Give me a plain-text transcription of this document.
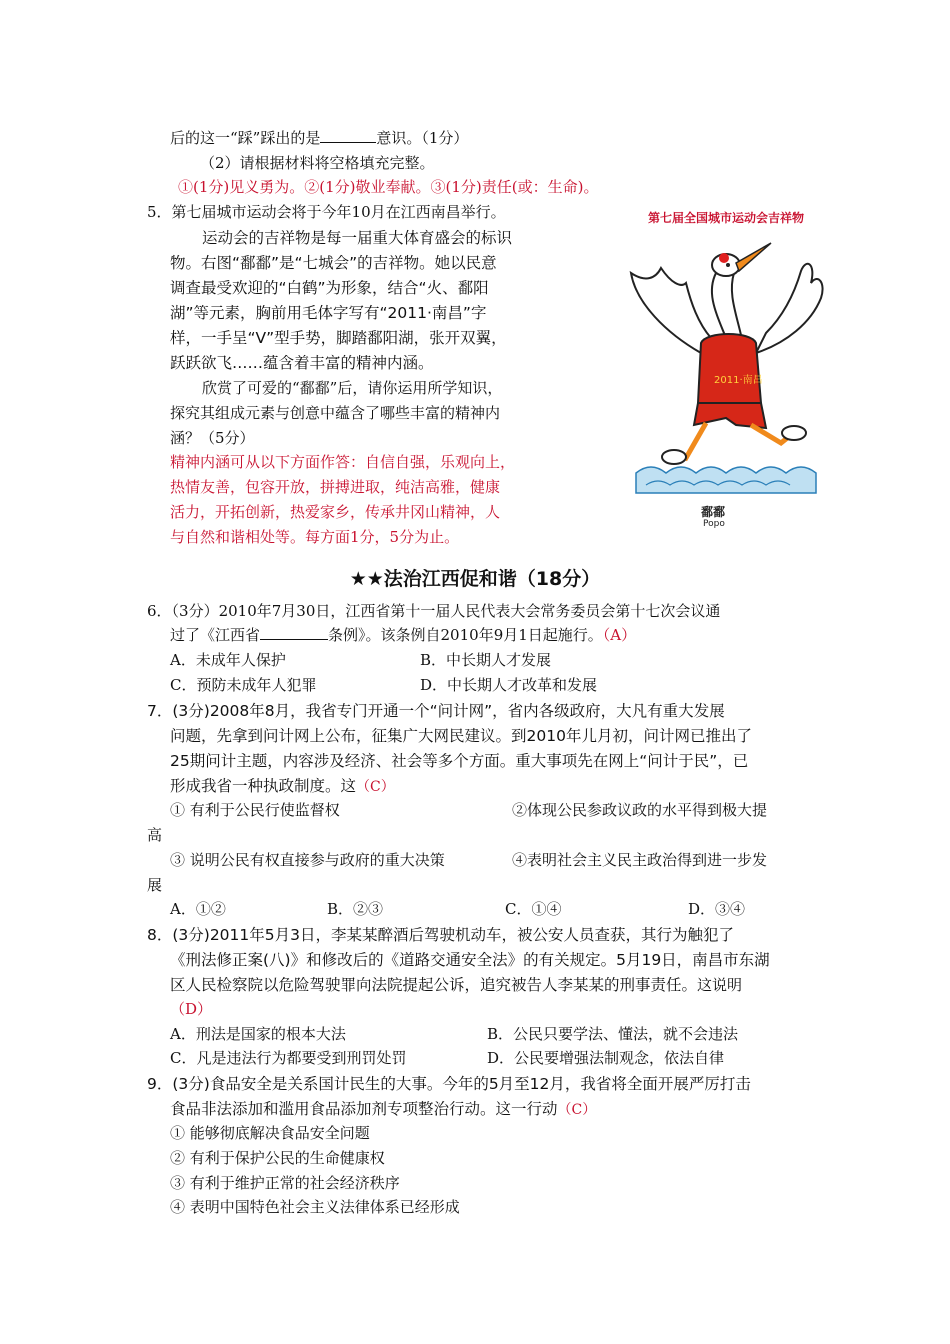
后的这一“踩”踩出的是	意识。（1分）
（2）请根据材料将空格填充完整。
①(1分)见义勇为。②(1分)敬业奉献。③(1分)责任(或：生命)。
5．第七届城市运动会将于今年10月在江西南昌举行。
运动会的吉祥物是每一届重大体育盛会的标识
物。右图“鄱鄱”是“七城会”的吉祥物。她以民意
调查最受欢迎的“白鹤”为形象，结合“火、鄱阳
湖”等元素，胸前用毛体字写有“2011·南昌”字
样，一手呈“V”型手势，脚踏鄱阳湖，张开双翼，
跃跃欲飞……蕴含着丰富的精神内涵。
欣赏了可爱的“鄱鄱”后，请你运用所学知识，
探究其组成元素与创意中蕴含了哪些丰富的精神内
涵？（5分）
精神内涵可从以下方面作答：自信自强，乐观向上，
热情友善，包容开放，拼搏进取，纯洁高雅，健康
活力，开拓创新，热爱家乡，传承井冈山精神，人
与自然和谐相处等。每方面1分，5分为止。
2011·南昌
第七届全国城市运动会吉祥物
鄱鄱
Popo
★★法治江西促和谐（18分）
6．（3分）2010年7月30日，江西省第十一届人民代表大会常务委员会第十七次会议通
过了《江西省	条例》。该条例自2010年9月1日起施行。（A）
A．未成年人保护	B．中长期人才发展
C．预防未成年人犯罪	D．中长期人才改革和发展
7．(3分)2008年8月，我省专门开通一个“问计网”，省内各级政府，大凡有重大发展
问题，先拿到问计网上公布，征集广大网民建议。到2010年儿月初，问计网已推出了
25期问计主题，内容涉及经济、社会等多个方面。重大事项先在网上“问计于民”，已
形成我省一种执政制度。这（C）
① 有利于公民行使监督权	②体现公民参政议政的水平得到极大提
高
③ 说明公民有权直接参与政府的重大决策	④表明社会主义民主政治得到进一步发
展
A．①②	B．②③	C．①④	D．③④
8．(3分)2011年5月3日，李某某醉酒后驾驶机动车，被公安人员查获，其行为触犯了
《刑法修正案(八)》和修改后的《道路交通安全法》的有关规定。5月19日，南昌市东湖
区人民检察院以危险驾驶罪向法院提起公诉，追究被告人李某某的刑事责任。这说明
（D）
A．刑法是国家的根本大法	B．公民只要学法、懂法，就不会违法
C．凡是违法行为都要受到刑罚处罚	D．公民要增强法制观念，依法自律
9．(3分)食品安全是关系国计民生的大事。今年的5月至12月，我省将全面开展严厉打击
食品非法添加和滥用食品添加剂专项整治行动。这一行动（C）
① 能够彻底解决食品安全问题
② 有利于保护公民的生命健康权
③ 有利于维护正常的社会经济秩序
④ 表明中国特色社会主义法律体系已经形成
